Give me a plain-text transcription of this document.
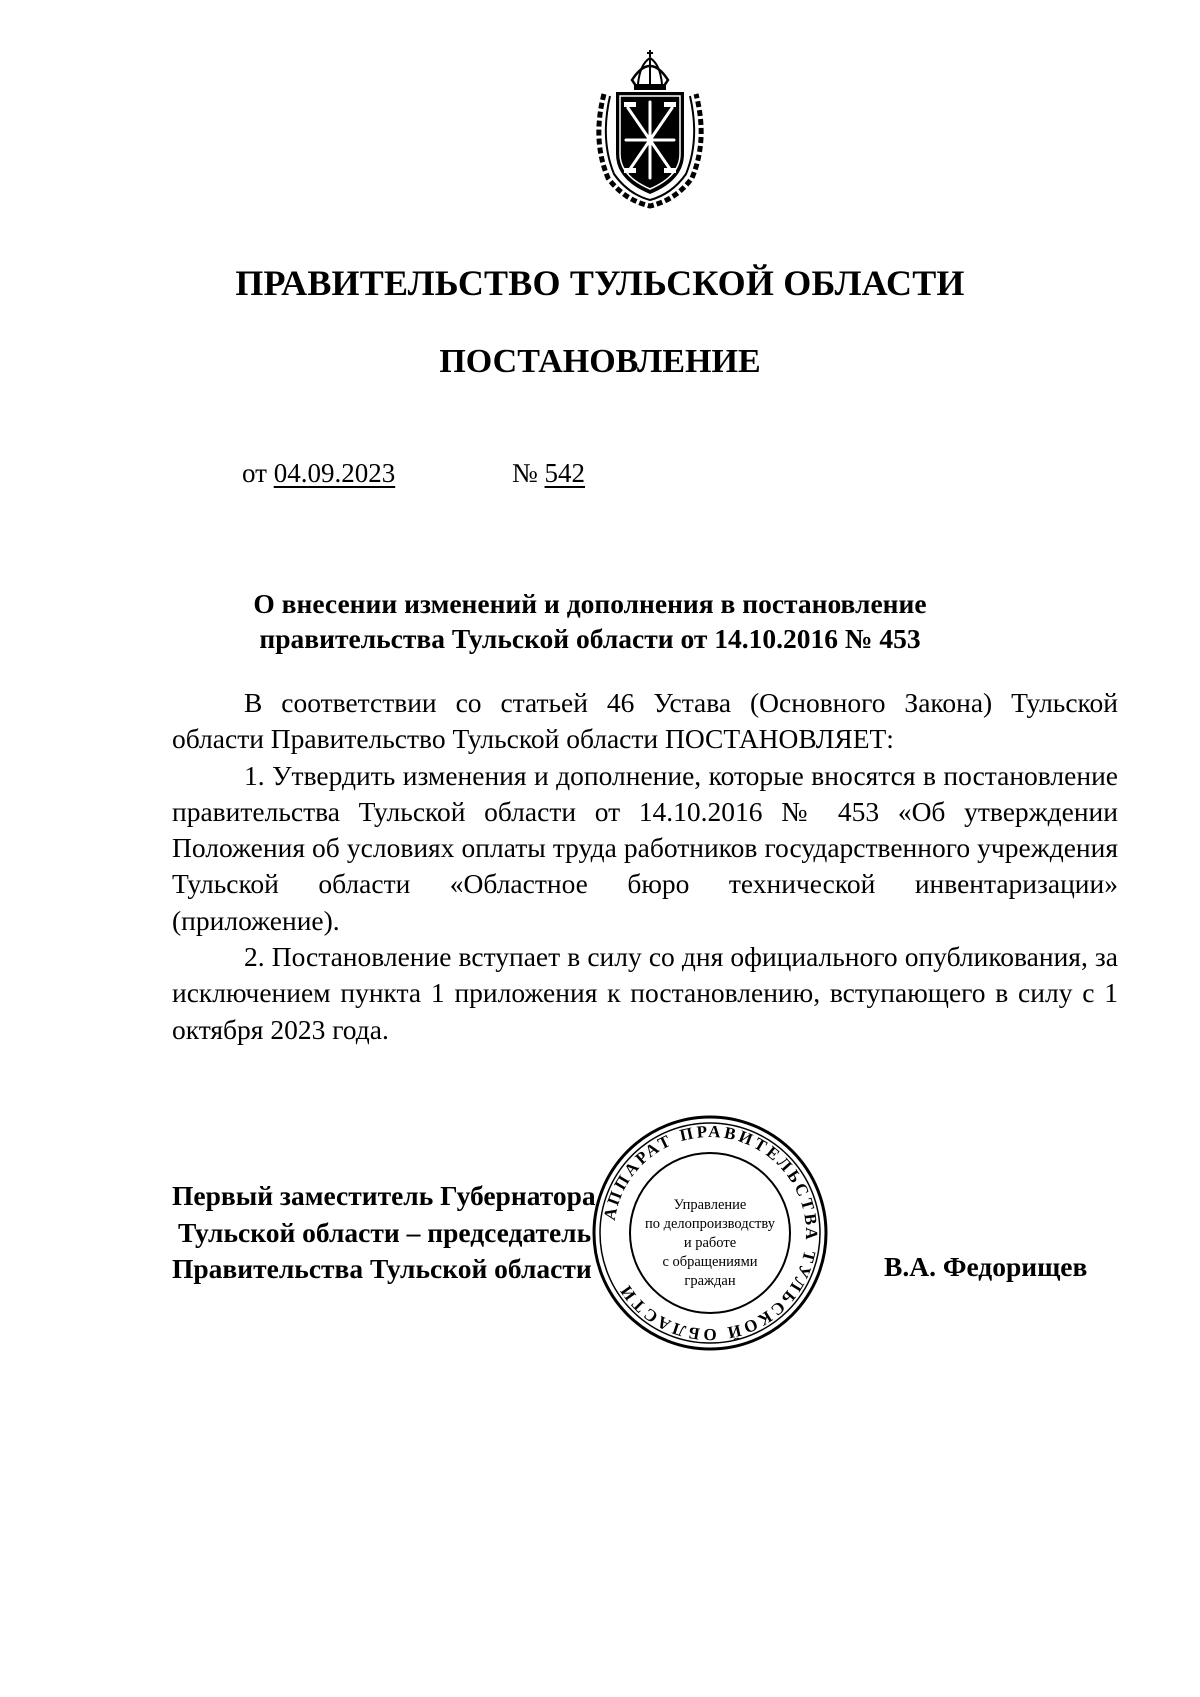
ПРАВИТЕЛЬСТВО ТУЛЬСКОЙ ОБЛАСТИ
ПОСТАНОВЛЕНИЕ
от 04.09.2023	№ 542
О внесении изменений и дополнения в постановление
правительства Тульской области от 14.10.2016 № 453

В соответствии со статьей 46 Устава (Основного Закона) Тульской области Правительство Тульской области ПОСТАНОВЛЯЕТ:

1. Утвердить изменения и дополнение, которые вносятся в постановление правительства Тульской области от 14.10.2016 № 453 «Об утверждении Положения об условиях оплаты труда работников государственного учреждения Тульской области «Областное бюро технической инвентаризации» (приложение).

2. Постановление вступает в силу со дня официального опубликования, за исключением пункта 1 приложения к постановлению, вступающего в силу с 1 октября 2023 года.

Первый заместитель Губернатора
Тульской области – председатель
Правительства Тульской области	В.А. Федорищев
АППАРАТ ПРАВИТЕЛЬСТВА ТУЛЬСКОЙ ОБЛАСТИ
Управление
по делопроизводству
и работе
с обращениями
граждан
